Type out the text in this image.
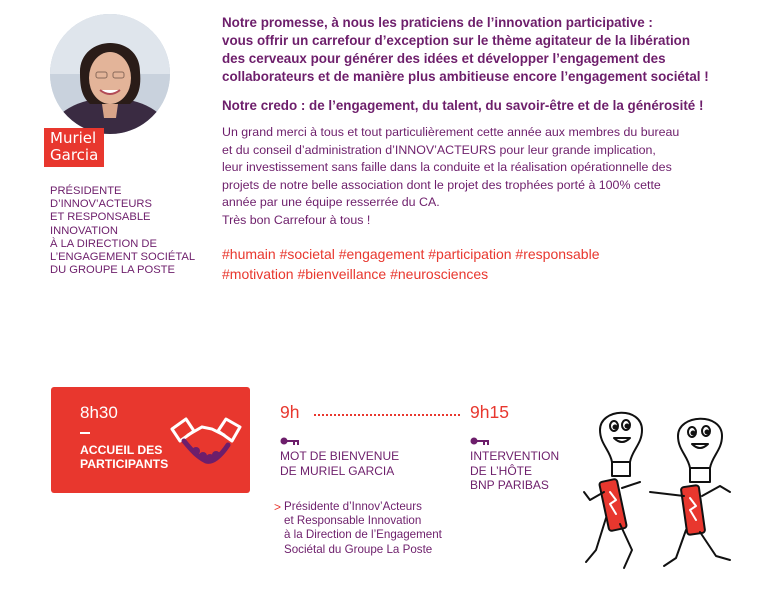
Muriel
Garcia
PRÉSIDENTE
D’INNOV’ACTEURS
ET RESPONSABLE
INNOVATION
À LA DIRECTION DE
L’ENGAGEMENT SOCIÉTAL
DU GROUPE LA POSTE
Notre promesse, à nous les praticiens de l’innovation participative :
vous offrir un carrefour d’exception sur le thème agitateur de la libération
des cerveaux pour générer des idées et développer l’engagement des
collaborateurs et de manière plus ambitieuse encore l’engagement sociétal !
Notre credo : de l’engagement, du talent, du savoir-être et de la générosité !
Un grand merci à tous et tout particulièrement cette année aux membres du bureau
et du conseil d’administration d’INNOV’ACTEURS pour leur grande implication,
leur investissement sans faille dans la conduite et la réalisation opérationnelle des
projets de notre belle association dont le projet des trophées porté à 100% cette
année par une équipe resserrée du CA.
Très bon Carrefour à tous !
#humain #societal #engagement #participation #responsable
#motivation #bienveillance #neurosciences
8h30
ACCUEIL DES
PARTICIPANTS
9h
MOT DE BIENVENUE
DE MURIEL GARCIA
> Présidente d’Innov’Acteurs
et Responsable Innovation
à la Direction de l’Engagement
Sociétal du Groupe La Poste
9h15
INTERVENTION
DE L’HÔTE
BNP PARIBAS
